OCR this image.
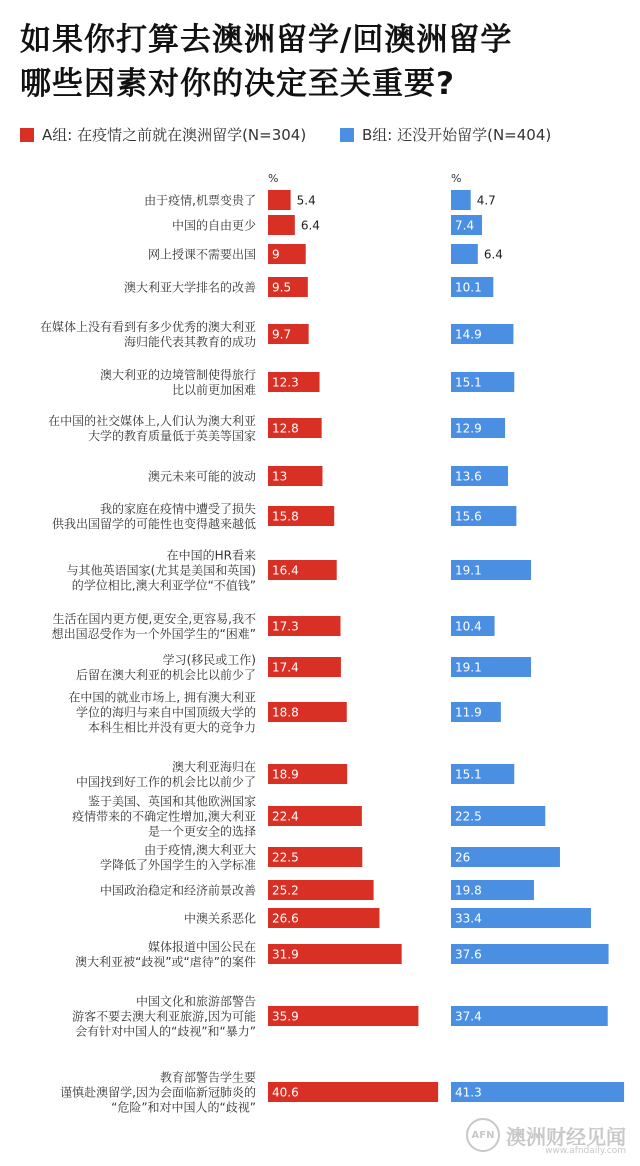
如果你打算去澳洲留学/回澳洲留学
哪些因素对你的决定至关重要?
A组: 在疫情之前就在澳洲留学(N=304)	B组: 还没开始留学(N=404)
%	%
由于疫情,机票变贵了	5.4	4.7
中国的自由更少	6.4	7.4
网上授课不需要出国 9	6.4
澳大利亚大学排名的改善 9.5	10.1
在媒体上没有看到有多少优秀的澳大利亚海归能代表其教育的成功
9.7	14.9
澳大利亚的边境管制使得旅行比以前更加困难
12.3	15.1
在中国的社交媒体上,人们认为澳大利亚大学的教育质量低于英美等国家
12.8	12.9
澳元未来可能的波动 13	13.6
我的家庭在疫情中遭受了损失供我出国留学的可能性也变得越来越低
15.8	15.6
在中国的HR看来与其他英语国家(尤其是美国和英国)的学位相比,澳大利亚学位“不值钱”
16.4	19.1
生活在国内更方便,更安全,更容易,我不想出国忍受作为一个外国学生的“困难”
17.3	10.4
学习(移民或工作)后留在澳大利亚的机会比以前少了
17.4	19.1
在中国的就业市场上, 拥有澳大利亚学位的海归与来自中国顶级大学的本科生相比并没有更大的竞争力
18.8	11.9
澳大利亚海归在中国找到好工作的机会比以前少了
18.9	15.1
鉴于美国、英国和其他欧洲国家疫情带来的不确定性增加,澳大利亚是一个更安全的选择
22.4	22.5
由于疫情,澳大利亚大学降低了外国学生的入学标准
22.5	26
中国政治稳定和经济前景改善 25.2	19.8
中澳关系恶化 26.6	33.4
媒体报道中国公民在澳大利亚被“歧视”或“虐待”的案件
31.9	37.6
中国文化和旅游部警告游客不要去澳大利亚旅游,因为可能会有针对中国人的“歧视”和“暴力”
35.9	37.4
教育部警告学生要谨慎赴澳留学,因为会面临新冠肺炎的“危险”和对中国人的“歧视”
40.6	41.3
AFN 澳洲财经见闻
www.afndaily.com
